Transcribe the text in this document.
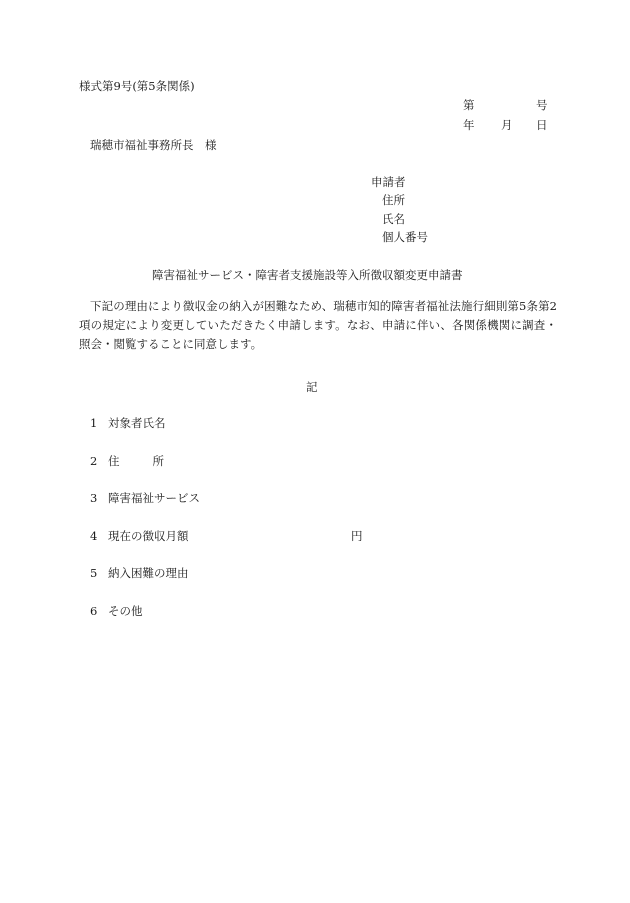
様式第9号(第5条関係)
第	号
年 月 日
瑞穂市福祉事務所長　様
申請者
住所
氏名
個人番号
障害福祉サービス・障害者支援施設等入所徴収額変更申請書
下記の理由により徴収金の納入が困難なため、瑞穂市知的障害者福祉法施行細則第5条第2項の規定により変更していただきたく申請します。なお、申請に伴い、各関係機関に調査・照会・閲覧することに同意します。
記
1 対象者氏名
2 住	所
3 障害福祉サービス
4 現在の徴収月額	円
5 納入困難の理由
6 その他
